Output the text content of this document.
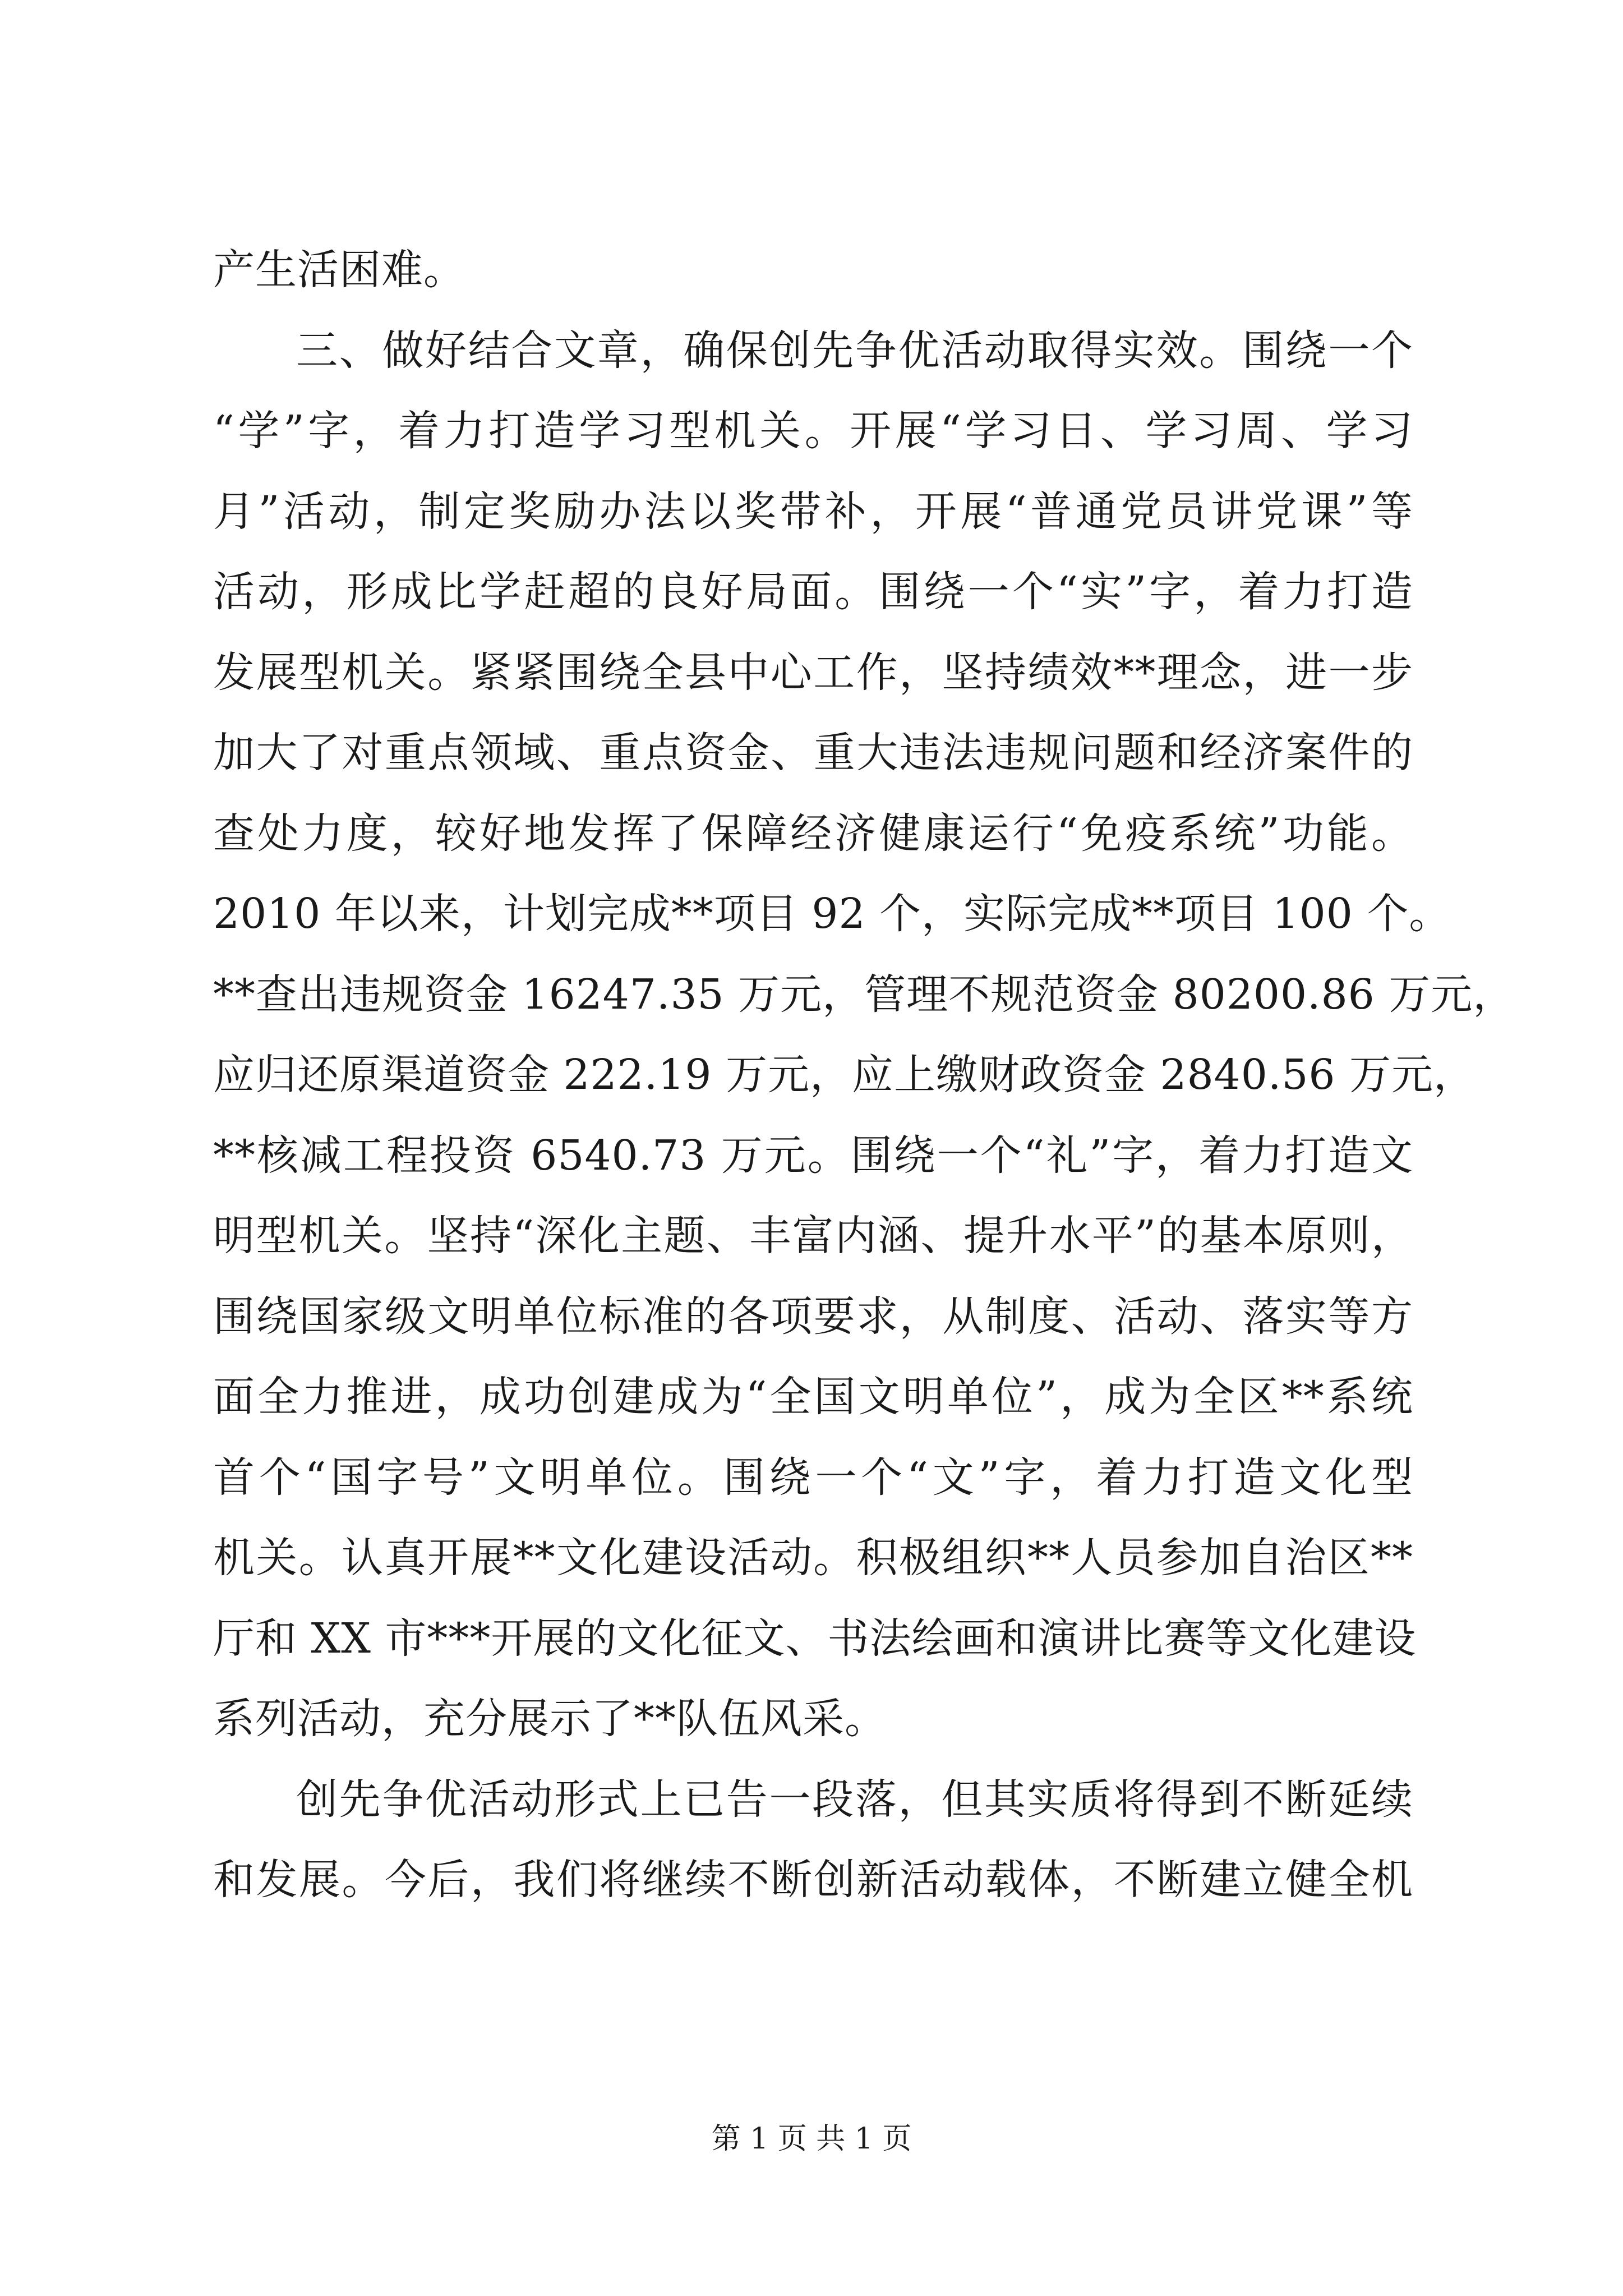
产生活困难。
三、做好结合文章，确保创先争优活动取得实效。围绕一个
“学”字，着力打造学习型机关。开展“学习日、学习周、学习
月”活动，制定奖励办法以奖带补，开展“普通党员讲党课”等
活动，形成比学赶超的良好局面。围绕一个“实”字，着力打造
发展型机关。紧紧围绕全县中心工作，坚持绩效**理念，进一步
加大了对重点领域、重点资金、重大违法违规问题和经济案件的
查处力度，较好地发挥了保障经济健康运行“免疫系统”功能。
2010 年以来，计划完成**项目 92 个，实际完成**项目 100 个。
**查出违规资金 16247.35 万元，管理不规范资金 80200.86 万元，
应归还原渠道资金 222.19 万元，应上缴财政资金 2840.56 万元，
**核减工程投资 6540.73 万元。围绕一个“礼”字，着力打造文
明型机关。坚持“深化主题、丰富内涵、提升水平”的基本原则，
围绕国家级文明单位标准的各项要求，从制度、活动、落实等方
面全力推进，成功创建成为“全国文明单位”，成为全区**系统
首个“国字号”文明单位。围绕一个“文”字，着力打造文化型
机关。认真开展**文化建设活动。积极组织**人员参加自治区**
厅和 XX 市***开展的文化征文、书法绘画和演讲比赛等文化建设
系列活动，充分展示了**队伍风采。
创先争优活动形式上已告一段落，但其实质将得到不断延续
和发展。今后，我们将继续不断创新活动载体，不断建立健全机
第 1 页 共 1 页
